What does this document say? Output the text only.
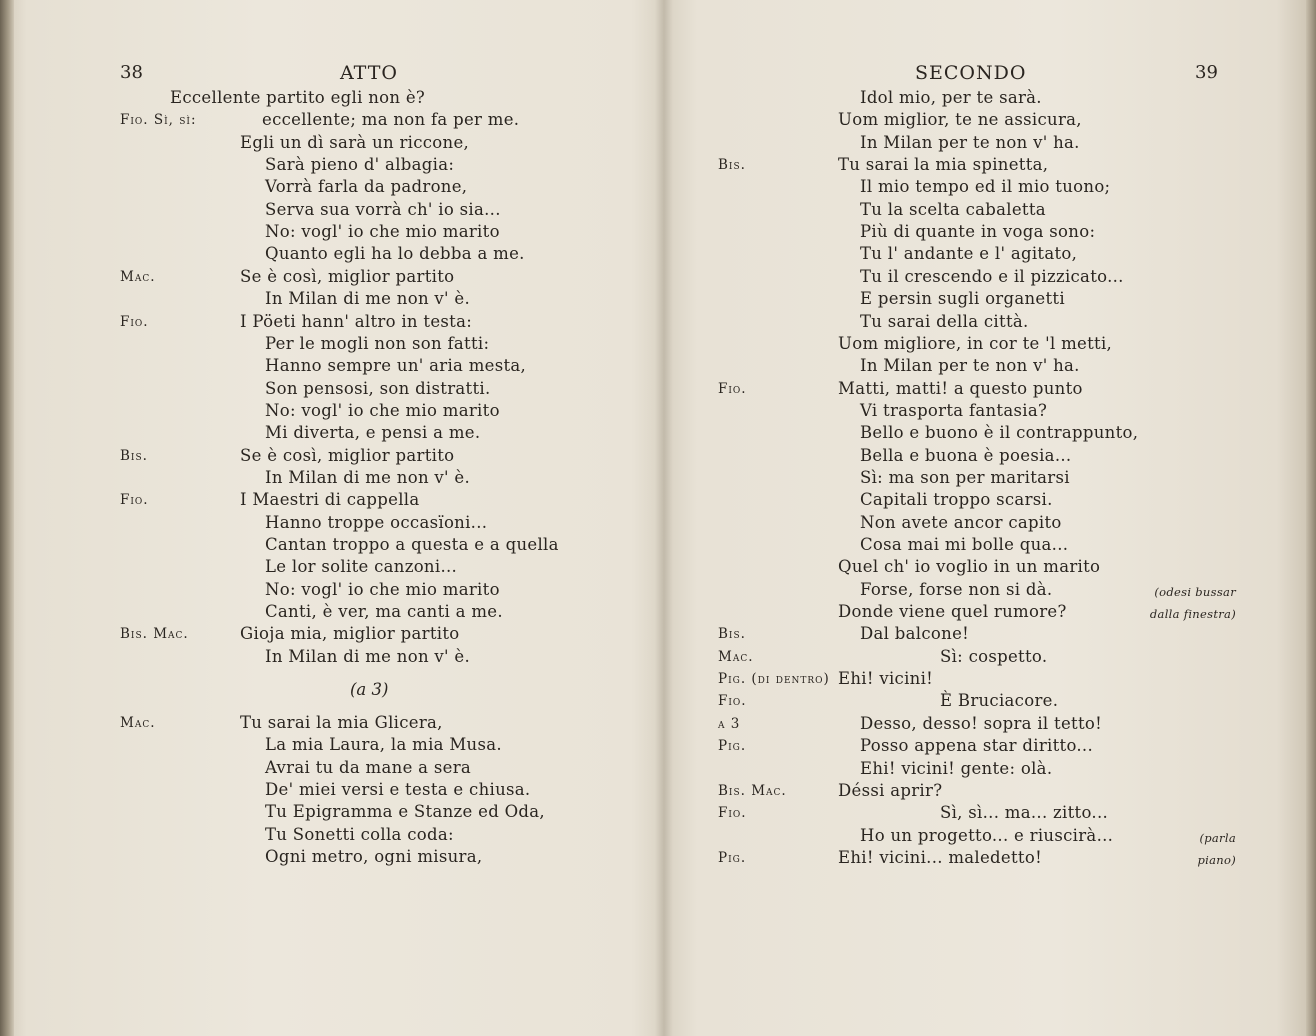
38	ATTO
Eccellente partito egli non è?
Fio. Sì, sì:	eccellente; ma non fa per me.
Egli un dì sarà un riccone,
Sarà pieno d' albagia:
Vorrà farla da padrone,
Serva sua vorrà ch' io sia...
No: vogl' io che mio marito
Quanto egli ha lo debba a me.
Mac.	Se è così, miglior partito
In Milan di me non v' è.
Fio.	I Pöeti hann' altro in testa:
Per le mogli non son fatti:
Hanno sempre un' aria mesta,
Son pensosi, son distratti.
No: vogl' io che mio marito
Mi diverta, e pensi a me.
Bis.	Se è così, miglior partito
In Milan di me non v' è.
Fio.	I Maestri di cappella
Hanno troppe occasïoni...
Cantan troppo a questa e a quella
Le lor solite canzoni...
No: vogl' io che mio marito
Canti, è ver, ma canti a me.
Bis. Mac.	Gioja mia, miglior partito
In Milan di me non v' è.
(a 3)
Mac.	Tu sarai la mia Glicera,
La mia Laura, la mia Musa.
Avrai tu da mane a sera
De' miei versi e testa e chiusa.
Tu Epigramma e Stanze ed Oda,
Tu Sonetti colla coda:
Ogni metro, ogni misura,
SECONDO	39
Idol mio, per te sarà.
Uom miglior, te ne assicura,
In Milan per te non v' ha.
Bis.	Tu sarai la mia spinetta,
Il mio tempo ed il mio tuono;
Tu la scelta cabaletta
Più di quante in voga sono:
Tu l' andante e l' agitato,
Tu il crescendo e il pizzicato...
E persin sugli organetti
Tu sarai della città.
Uom migliore, in cor te 'l metti,
In Milan per te non v' ha.
Fio.	Matti, matti! a questo punto
Vi trasporta fantasia?
Bello e buono è il contrappunto,
Bella e buona è poesia...
Sì: ma son per maritarsi
Capitali troppo scarsi.
Non avete ancor capito
Cosa mai mi bolle qua...
Quel ch' io voglio in un marito
Forse, forse non si dà.	(odesi bussar
Donde viene quel rumore?	dalla finestra)
Bis.	Dal balcone!
Mac.	Sì: cospetto.
Pig. (di dentro) Ehi! vicini!
Fio.	È Bruciacore.
a 3	Desso, desso! sopra il tetto!
Pig.	Posso appena star diritto...
Ehi! vicini! gente: olà.
Bis. Mac.	Déssi aprir?
Fio.	Sì, sì... ma... zitto...
Ho un progetto... e riuscirà...	(parla
Pig.	Ehi! vicini... maledetto!	piano)
